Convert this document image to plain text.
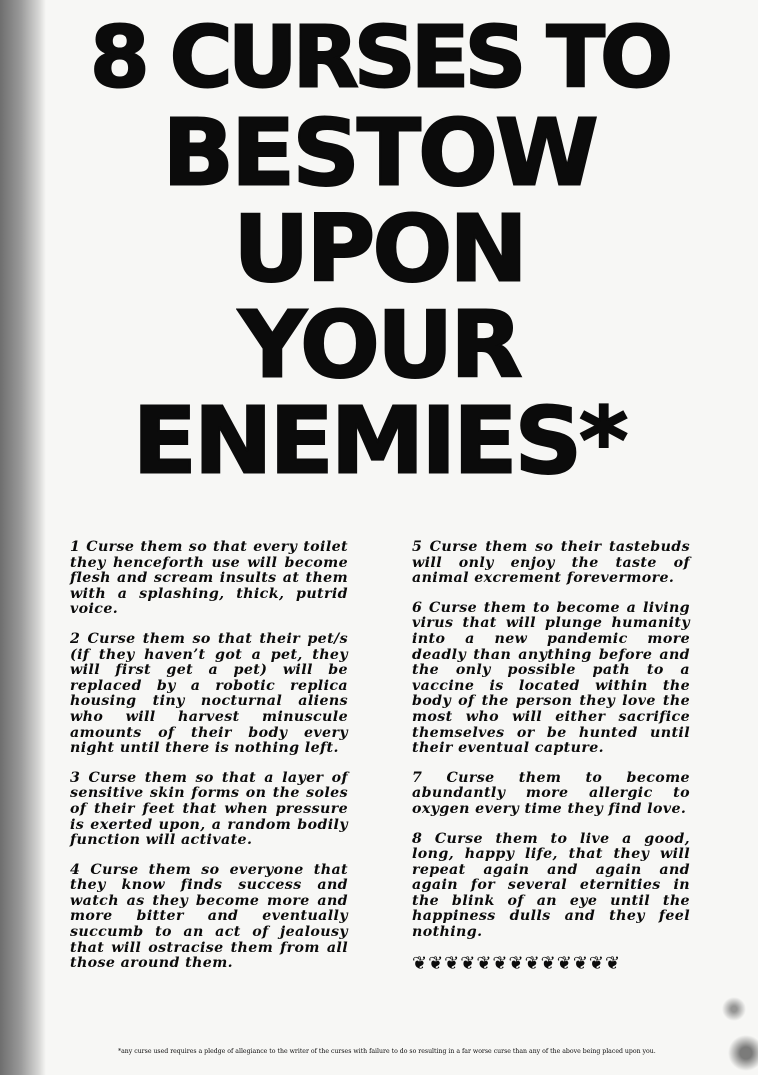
8 CURSES TO
BESTOW
UPON
YOUR
ENEMIES*

1 Curse them so that every toilet they henceforth use will become flesh and scream insults at them with a splashing, thick, putrid voice.

2 Curse them so that their pet/s (if they haven’t got a pet, they will first get a pet) will be replaced by a robotic replica housing tiny nocturnal aliens who will harvest minuscule amounts of their body every night until there is nothing left.

3 Curse them so that a layer of sensitive skin forms on the soles of their feet that when pressure is exerted upon, a random bodily function will activate.

4 Curse them so everyone that they know finds success and watch as they become more and more bitter and eventually succumb to an act of jealousy that will ostracise them from all those around them.

5 Curse them so their tastebuds will only enjoy the taste of animal excrement forevermore.

6 Curse them to become a living virus that will plunge humanity into a new pandemic more deadly than anything before and the only possible path to a vaccine is located within the body of the person they love the most who will either sacrifice themselves or be hunted until their eventual capture.

7 Curse them to become abundantly more allergic to oxygen every time they find love.

8 Curse them to live a good, long, happy life, that they will repeat again and again and again for several eternities in the blink of an eye until the happiness dulls and they feel nothing.

❦❦❦❦❦❦❦❦❦❦❦❦❦
*any curse used requires a pledge of allegiance to the writer of the curses with failure to do so resulting in a far worse curse than any of the above being placed upon you.
